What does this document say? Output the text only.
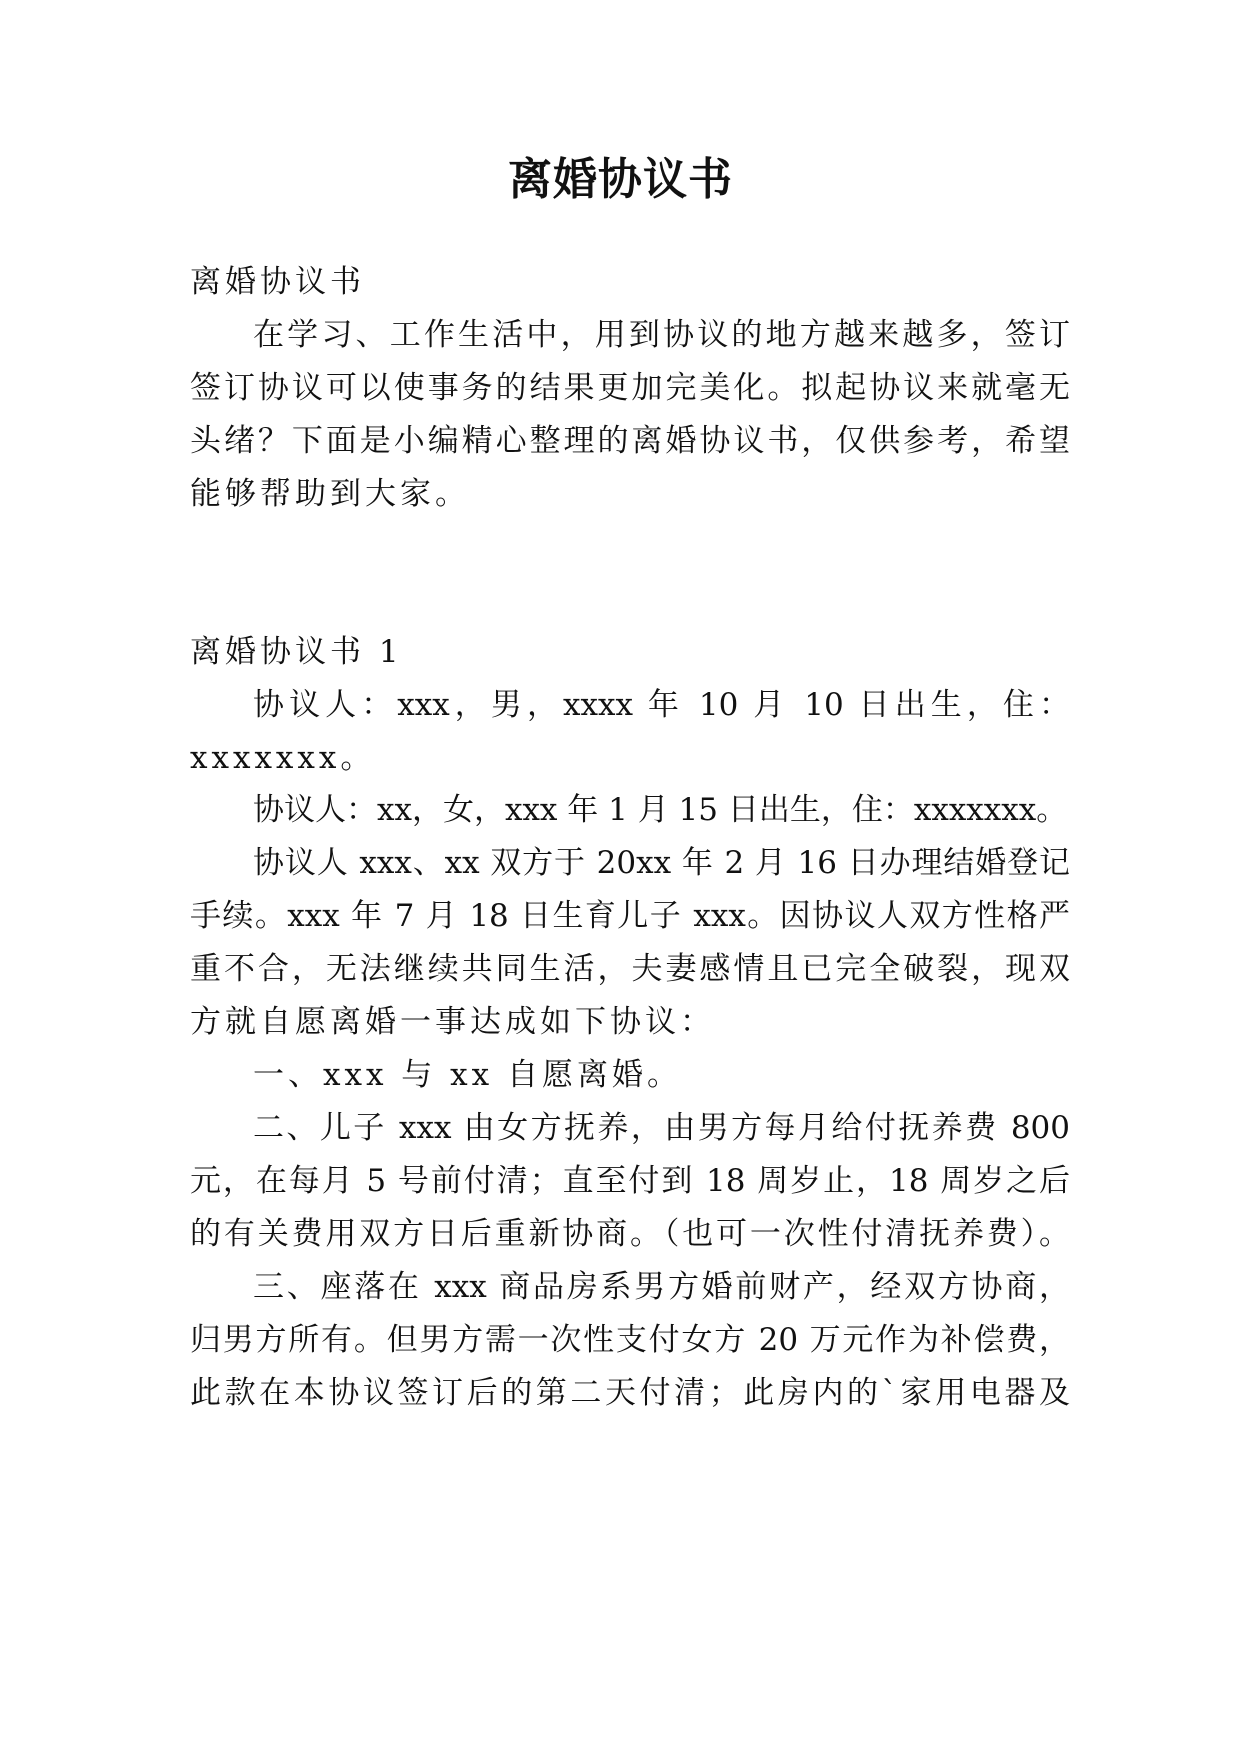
离婚协议书
离婚协议书
在学习、工作生活中，用到协议的地方越来越多，签订
签订协议可以使事务的结果更加完美化。拟起协议来就毫无
头绪？下面是小编精心整理的离婚协议书，仅供参考，希望
能够帮助到大家。
离婚协议书 1
协议人：xxx，男，xxxx 年 10 月 10 日出生，住：
xxxxxxx。
协议人：xx，女，xxx 年 1 月 15 日出生，住：xxxxxxx。
协议人 xxx、xx 双方于 20xx 年 2 月 16 日办理结婚登记
手续。xxx 年 7 月 18 日生育儿子 xxx。因协议人双方性格严
重不合，无法继续共同生活，夫妻感情且已完全破裂，现双
方就自愿离婚一事达成如下协议：
一、xxx 与 xx 自愿离婚。
二、儿子 xxx 由女方抚养，由男方每月给付抚养费 800
元，在每月 5 号前付清；直至付到 18 周岁止，18 周岁之后
的有关费用双方日后重新协商。（也可一次性付清抚养费）。
三、座落在 xxx 商品房系男方婚前财产，经双方协商，
归男方所有。但男方需一次性支付女方 20 万元作为补偿费，
此款在本协议签订后的第二天付清；此房内的`家用电器及
